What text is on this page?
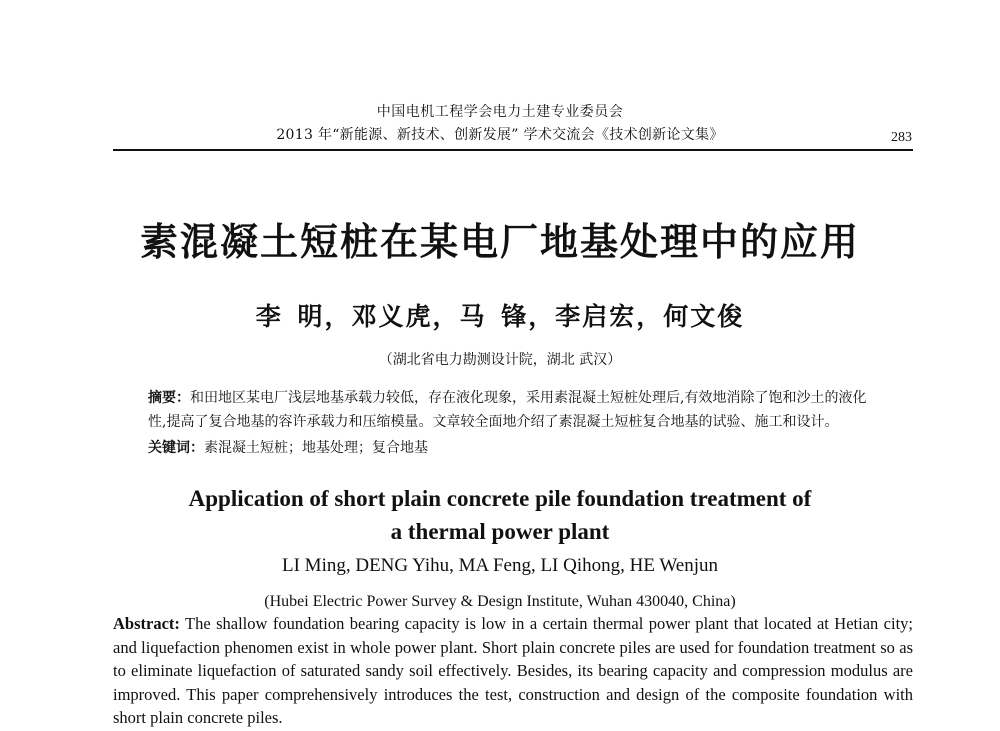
中国电机工程学会电力土建专业委员会
2013 年“新能源、新技术、创新发展” 学术交流会《技术创新论文集》	283
素混凝土短桩在某电厂地基处理中的应用
李 明，邓义虎，马 锋，李启宏，何文俊
（湖北省电力勘测设计院，湖北 武汉）
摘要：和田地区某电厂浅层地基承载力较低，存在液化现象，采用素混凝土短桩处理后,有效地消除了饱和沙土的液化性,提高了复合地基的容许承载力和压缩模量。文章较全面地介绍了素混凝土短桩复合地基的试验、施工和设计。
关键词：素混凝土短桩；地基处理；复合地基
Application of short plain concrete pile foundation treatment of
a thermal power plant
LI Ming, DENG Yihu, MA Feng, LI Qihong, HE Wenjun
(Hubei Electric Power Survey & Design Institute, Wuhan 430040, China)
Abstract: The shallow foundation bearing capacity is low in a certain thermal power plant that located at Hetian city; and liquefaction phenomen exist in whole power plant. Short plain concrete piles are used for foundation treatment so as to eliminate liquefaction of saturated sandy soil effectively. Besides, its bearing capacity and compression modulus are improved. This paper comprehensively introduces the test, construction and design of the composite foundation with short plain concrete piles.
